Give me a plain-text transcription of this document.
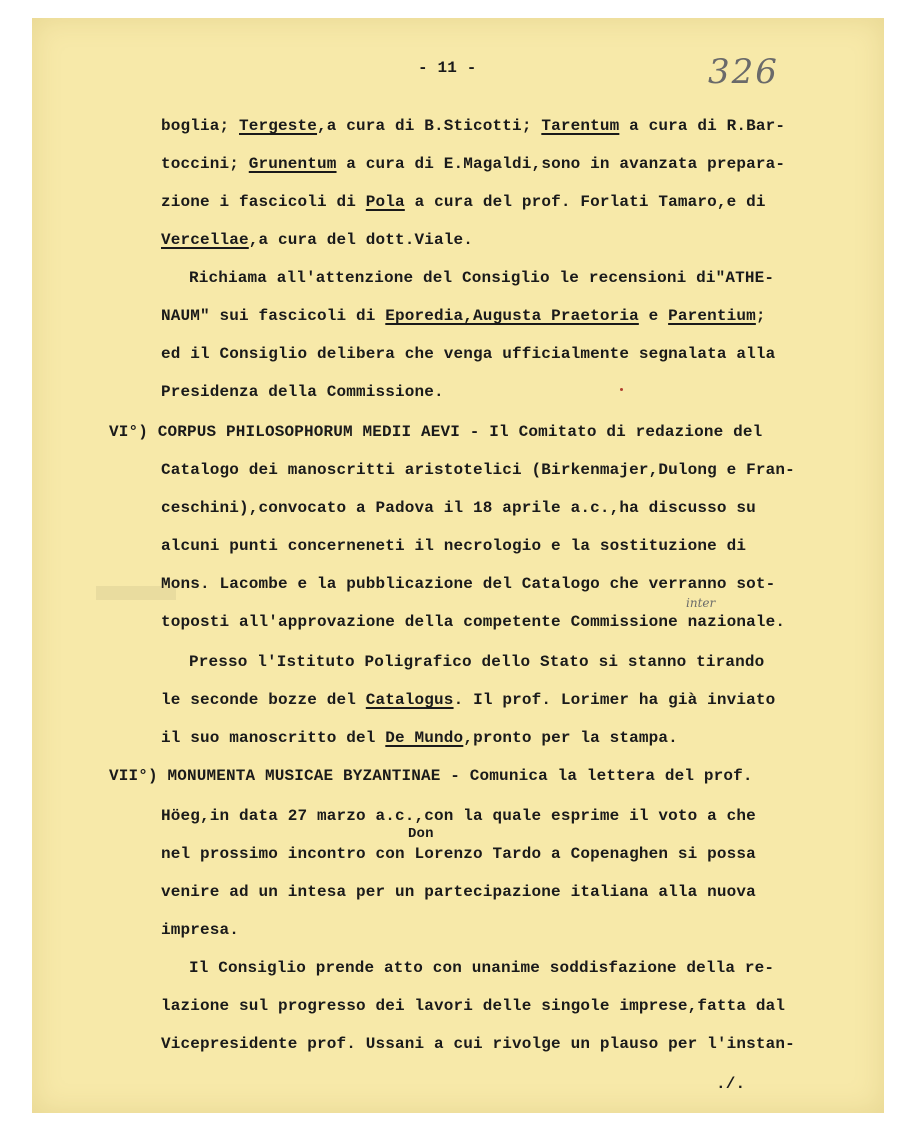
- 11 -	326
boglia; Tergeste,a cura di B.Sticotti; Tarentum a cura di R.Bar-
toccini; Grunentum a cura di E.Magaldi,sono in avanzata prepara-
zione i fascicoli di Pola a cura del prof. Forlati Tamaro,e di
Vercellae,a cura del dott.Viale.
Richiama all'attenzione del Consiglio le recensioni di"ATHE-
NAUM" sui fascicoli di Eporedia,Augusta Praetoria e Parentium;
ed il Consiglio delibera che venga ufficialmente segnalata alla
Presidenza della Commissione.
VI°) CORPUS PHILOSOPHORUM MEDII AEVI - Il Comitato di redazione del
Catalogo dei manoscritti aristotelici (Birkenmajer,Dulong e Fran-
ceschini),convocato a Padova il 18 aprile a.c.,ha discusso su
alcuni punti concerneneti il necrologio e la sostituzione di
Mons. Lacombe e la pubblicazione del Catalogo che verranno sot-
toposti all'approvazione della competente Commissione nazionale.
inter
Presso l'Istituto Poligrafico dello Stato si stanno tirando
le seconde bozze del Catalogus. Il prof. Lorimer ha già inviato
il suo manoscritto del De Mundo,pronto per la stampa.
VII°) MONUMENTA MUSICAE BYZANTINAE - Comunica la lettera del prof.
Höeg,in data 27 marzo a.c.,con la quale esprime il voto a che
Don
nel prossimo incontro con Lorenzo Tardo a Copenaghen si possa
venire ad un intesa per un partecipazione italiana alla nuova
impresa.
Il Consiglio prende atto con unanime soddisfazione della re-
lazione sul progresso dei lavori delle singole imprese,fatta dal
Vicepresidente prof. Ussani a cui rivolge un plauso per l'instan-
./.
